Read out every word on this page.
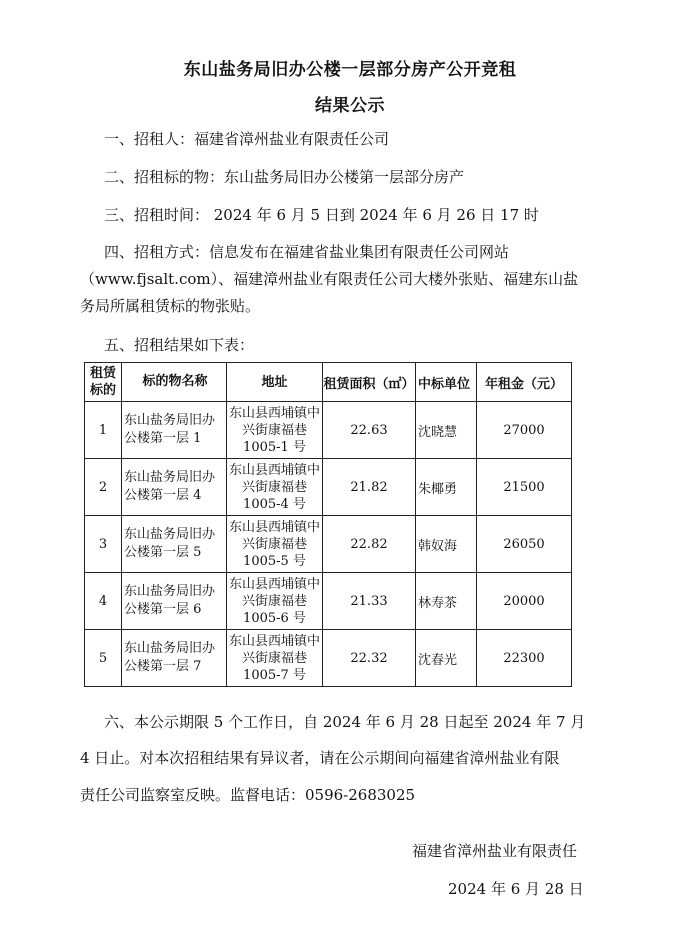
东山盐务局旧办公楼一层部分房产公开竞租
结果公示
一、招租人：福建省漳州盐业有限责任公司
二、招租标的物：东山盐务局旧办公楼第一层部分房产
三、招租时间： 2024 年 6 月 5 日到 2024 年 6 月 26 日 17 时
四、招租方式：信息发布在福建省盐业集团有限责任公司网站
（www.fjsalt.com）、福建漳州盐业有限责任公司大楼外张贴、福建东山盐
务局所属租赁标的物张贴。
五、招租结果如下表：
租赁标的	标的物名称	地址	租赁面积（㎡）	中标单位	年租金（元）
1	东山盐务局旧办公楼第一层 1	东山县西埔镇中兴街康福巷 1005-1 号	22.63	沈晓慧	27000
2	东山盐务局旧办公楼第一层 4	东山县西埔镇中兴街康福巷 1005-4 号	21.82	朱椰勇	21500
3	东山盐务局旧办公楼第一层 5	东山县西埔镇中兴街康福巷 1005-5 号	22.82	韩奴海	26050
4	东山盐务局旧办公楼第一层 6	东山县西埔镇中兴街康福巷 1005-6 号	21.33	林寿茶	20000
5	东山盐务局旧办公楼第一层 7	东山县西埔镇中兴街康福巷 1005-7 号	22.32	沈春光	22300
六、本公示期限 5 个工作日，自 2024 年 6 月 28 日起至 2024 年 7 月
4 日止。对本次招租结果有异议者，请在公示期间向福建省漳州盐业有限
责任公司监察室反映。监督电话：0596-2683025
福建省漳州盐业有限责任
2024 年 6 月 28 日
